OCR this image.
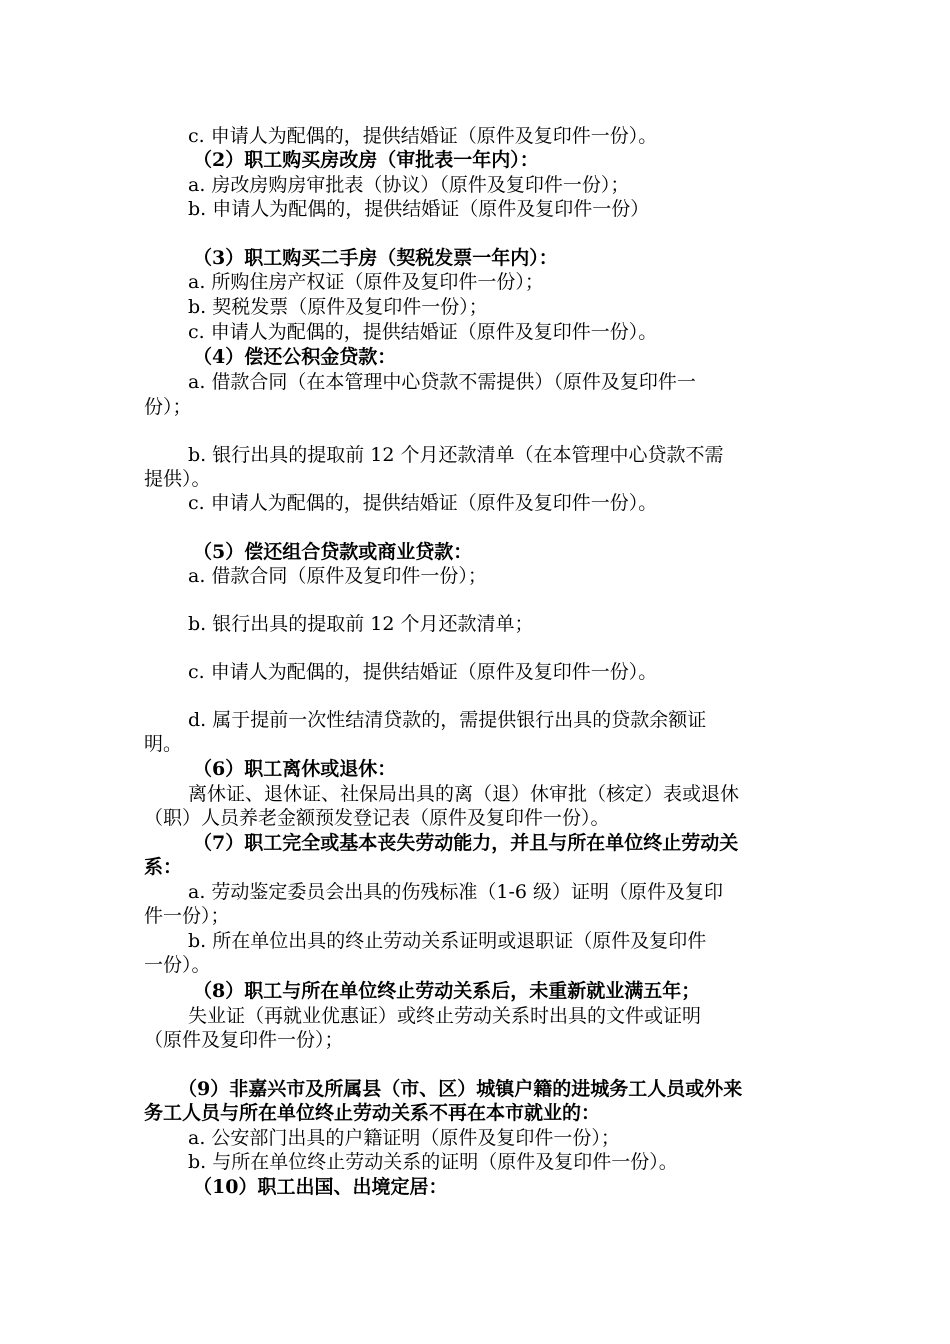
c. 申请人为配偶的，提供结婚证（原件及复印件一份）。
（2）职工购买房改房（审批表一年内）：
a. 房改房购房审批表（协议）（原件及复印件一份）；
b. 申请人为配偶的，提供结婚证（原件及复印件一份）
（3）职工购买二手房（契税发票一年内）：
a. 所购住房产权证（原件及复印件一份）；
b. 契税发票（原件及复印件一份）；
c. 申请人为配偶的，提供结婚证（原件及复印件一份）。
（4）偿还公积金贷款：
a. 借款合同（在本管理中心贷款不需提供）（原件及复印件一
份）；
b. 银行出具的提取前 12 个月还款清单（在本管理中心贷款不需
提供）。
c. 申请人为配偶的，提供结婚证（原件及复印件一份）。
（5）偿还组合贷款或商业贷款：
a. 借款合同（原件及复印件一份）；
b. 银行出具的提取前 12 个月还款清单；
c. 申请人为配偶的，提供结婚证（原件及复印件一份）。
d. 属于提前一次性结清贷款的，需提供银行出具的贷款余额证
明。
（6）职工离休或退休：
离休证、退休证、社保局出具的离（退）休审批（核定）表或退休
（职）人员养老金额预发登记表（原件及复印件一份）。
（7）职工完全或基本丧失劳动能力，并且与所在单位终止劳动关
系：
a. 劳动鉴定委员会出具的伤残标准（1-6 级）证明（原件及复印
件一份）；
b. 所在单位出具的终止劳动关系证明或退职证（原件及复印件
一份）。
（8）职工与所在单位终止劳动关系后，未重新就业满五年；
失业证（再就业优惠证）或终止劳动关系时出具的文件或证明
（原件及复印件一份）；
（9）非嘉兴市及所属县（市、区）城镇户籍的进城务工人员或外来
务工人员与所在单位终止劳动关系不再在本市就业的：
a. 公安部门出具的户籍证明（原件及复印件一份）；
b. 与所在单位终止劳动关系的证明（原件及复印件一份）。
（10）职工出国、出境定居：
